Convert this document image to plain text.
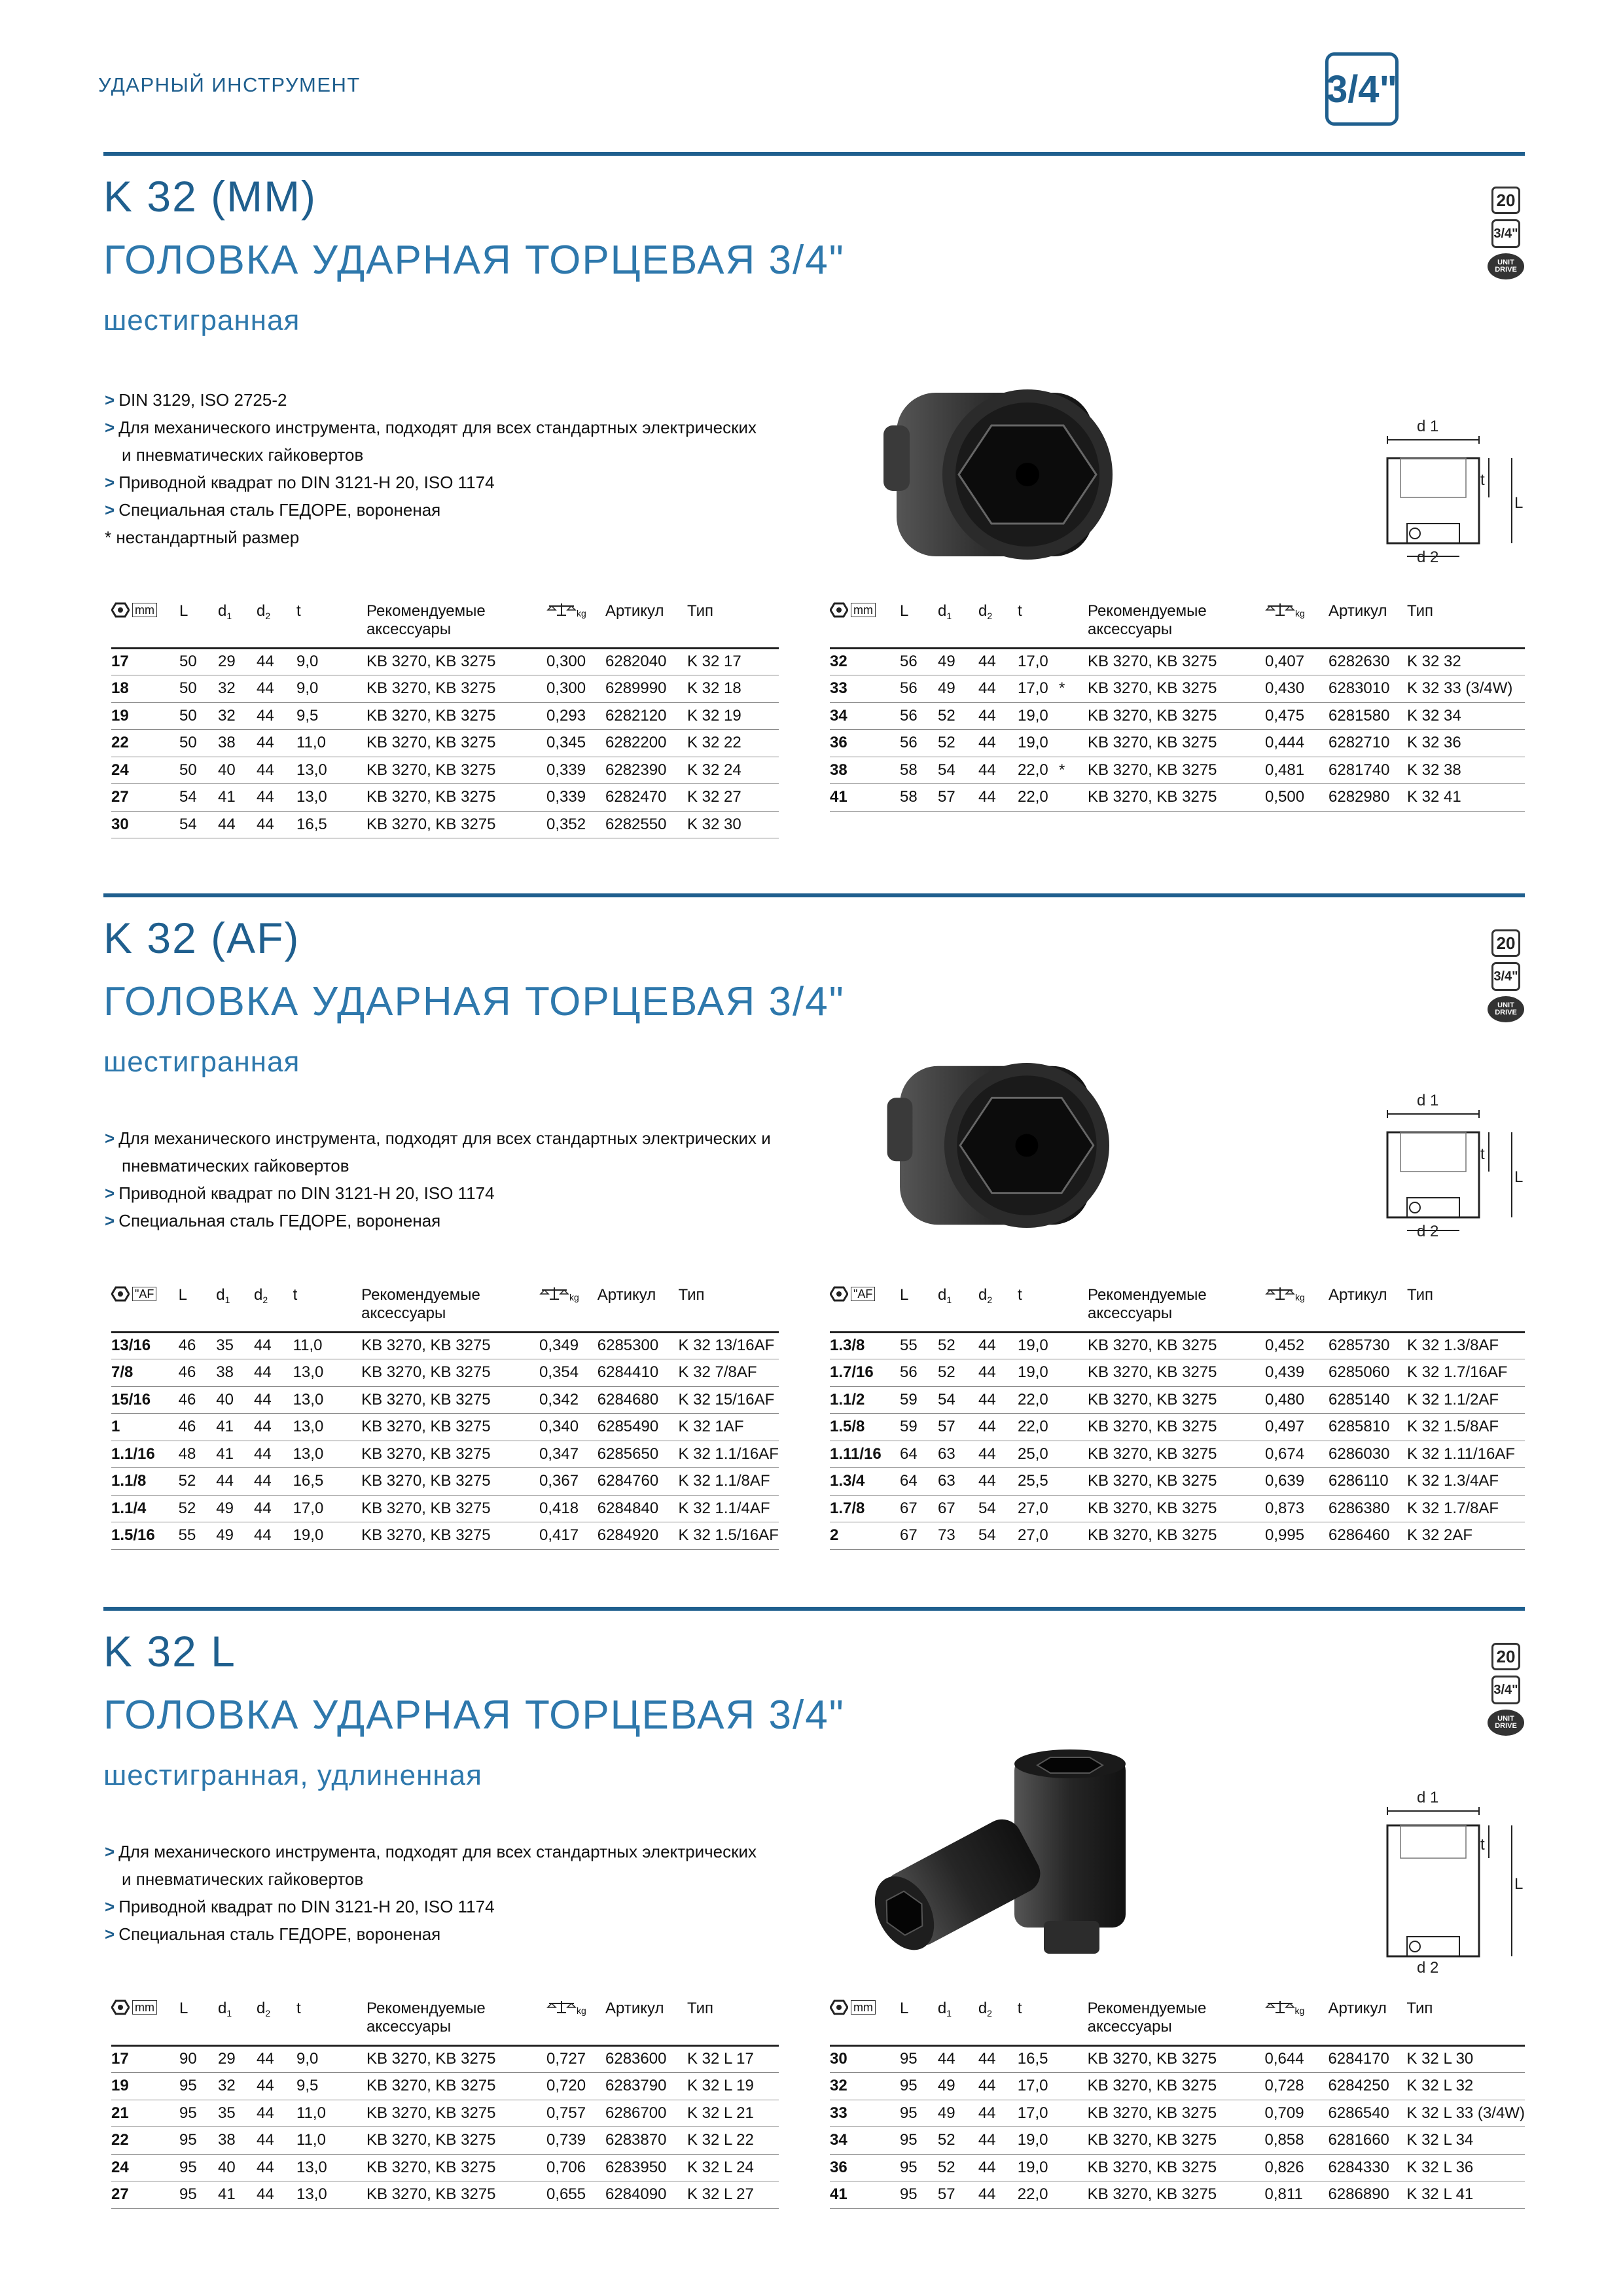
УДАРНЫЙ ИНСТРУМЕНТ	3/4"
K 32 (MM)
ГОЛОВКА УДАРНАЯ ТОРЦЕВАЯ 3/4"
шестигранная
20
3/4"
UNIT DRIVE
> DIN 3129, ISO 2725-2
> Для механического инструмента, подходят для всех стандартных электрических
и пневматических гайковертов
> Приводной квадрат по DIN 3121-H 20, ISO 1174
> Специальная сталь ГЕДОРЕ, вороненая
* нестандартный размер
d 1
t
L
d 2
mm	L	$d_1$	$d_2$	t		Рекомендуемые
аксессуары	kg	Артикул	Тип
17	50	29	44	9,0		KB 3270, KB 3275	0,300	6282040	K 32 17
18	50	32	44	9,0		KB 3270, KB 3275	0,300	6289990	K 32 18
19	50	32	44	9,5		KB 3270, KB 3275	0,293	6282120	K 32 19
22	50	38	44	11,0		KB 3270, KB 3275	0,345	6282200	K 32 22
24	50	40	44	13,0		KB 3270, KB 3275	0,339	6282390	K 32 24
27	54	41	44	13,0		KB 3270, KB 3275	0,339	6282470	K 32 27
30	54	44	44	16,5		KB 3270, KB 3275	0,352	6282550	K 32 30
mm	L	$d_1$	$d_2$	t		Рекомендуемые
аксессуары	kg	Артикул	Тип
32	56	49	44	17,0		KB 3270, KB 3275	0,407	6282630	K 32 32
33	56	49	44	17,0	*	KB 3270, KB 3275	0,430	6283010	K 32 33 (3/4W)
34	56	52	44	19,0		KB 3270, KB 3275	0,475	6281580	K 32 34
36	56	52	44	19,0		KB 3270, KB 3275	0,444	6282710	K 32 36
38	58	54	44	22,0	*	KB 3270, KB 3275	0,481	6281740	K 32 38
41	58	57	44	22,0		KB 3270, KB 3275	0,500	6282980	K 32 41
K 32 (AF)
ГОЛОВКА УДАРНАЯ ТОРЦЕВАЯ 3/4"
шестигранная
20
3/4"
UNIT DRIVE
> Для механического инструмента, подходят для всех стандартных электрических и
пневматических гайковертов
> Приводной квадрат по DIN 3121-H 20, ISO 1174
> Специальная сталь ГЕДОРЕ, вороненая
d 1
t
L
d 2
"AF	L	$d_1$	$d_2$	t		Рекомендуемые
аксессуары	kg	Артикул	Тип
13/16	46	35	44	11,0		KB 3270, KB 3275	0,349	6285300	K 32 13/16AF
7/8	46	38	44	13,0		KB 3270, KB 3275	0,354	6284410	K 32 7/8AF
15/16	46	40	44	13,0		KB 3270, KB 3275	0,342	6284680	K 32 15/16AF
1	46	41	44	13,0		KB 3270, KB 3275	0,340	6285490	K 32 1AF
1.1/16	48	41	44	13,0		KB 3270, KB 3275	0,347	6285650	K 32 1.1/16AF
1.1/8	52	44	44	16,5		KB 3270, KB 3275	0,367	6284760	K 32 1.1/8AF
1.1/4	52	49	44	17,0		KB 3270, KB 3275	0,418	6284840	K 32 1.1/4AF
1.5/16	55	49	44	19,0		KB 3270, KB 3275	0,417	6284920	K 32 1.5/16AF
"AF	L	$d_1$	$d_2$	t		Рекомендуемые
аксессуары	kg	Артикул	Тип
1.3/8	55	52	44	19,0		KB 3270, KB 3275	0,452	6285730	K 32 1.3/8AF
1.7/16	56	52	44	19,0		KB 3270, KB 3275	0,439	6285060	K 32 1.7/16AF
1.1/2	59	54	44	22,0		KB 3270, KB 3275	0,480	6285140	K 32 1.1/2AF
1.5/8	59	57	44	22,0		KB 3270, KB 3275	0,497	6285810	K 32 1.5/8AF
1.11/16	64	63	44	25,0		KB 3270, KB 3275	0,674	6286030	K 32 1.11/16AF
1.3/4	64	63	44	25,5		KB 3270, KB 3275	0,639	6286110	K 32 1.3/4AF
1.7/8	67	67	54	27,0		KB 3270, KB 3275	0,873	6286380	K 32 1.7/8AF
2	67	73	54	27,0		KB 3270, KB 3275	0,995	6286460	K 32 2AF
K 32 L
ГОЛОВКА УДАРНАЯ ТОРЦЕВАЯ 3/4"
шестигранная, удлиненная
20
3/4"
UNIT DRIVE
> Для механического инструмента, подходят для всех стандартных электрических
и пневматических гайковертов
> Приводной квадрат по DIN 3121-H 20, ISO 1174
> Специальная сталь ГЕДОРЕ, вороненая
d 1
t
L
d 2
mm	L	$d_1$	$d_2$	t		Рекомендуемые
аксессуары	kg	Артикул	Тип
17	90	29	44	9,0		KB 3270, KB 3275	0,727	6283600	K 32 L 17
19	95	32	44	9,5		KB 3270, KB 3275	0,720	6283790	K 32 L 19
21	95	35	44	11,0		KB 3270, KB 3275	0,757	6286700	K 32 L 21
22	95	38	44	11,0		KB 3270, KB 3275	0,739	6283870	K 32 L 22
24	95	40	44	13,0		KB 3270, KB 3275	0,706	6283950	K 32 L 24
27	95	41	44	13,0		KB 3270, KB 3275	0,655	6284090	K 32 L 27
mm	L	$d_1$	$d_2$	t		Рекомендуемые
аксессуары	kg	Артикул	Тип
30	95	44	44	16,5		KB 3270, KB 3275	0,644	6284170	K 32 L 30
32	95	49	44	17,0		KB 3270, KB 3275	0,728	6284250	K 32 L 32
33	95	49	44	17,0		KB 3270, KB 3275	0,709	6286540	K 32 L 33 (3/4W)
34	95	52	44	19,0		KB 3270, KB 3275	0,858	6281660	K 32 L 34
36	95	52	44	19,0		KB 3270, KB 3275	0,826	6284330	K 32 L 36
41	95	57	44	22,0		KB 3270, KB 3275	0,811	6286890	K 32 L 41
